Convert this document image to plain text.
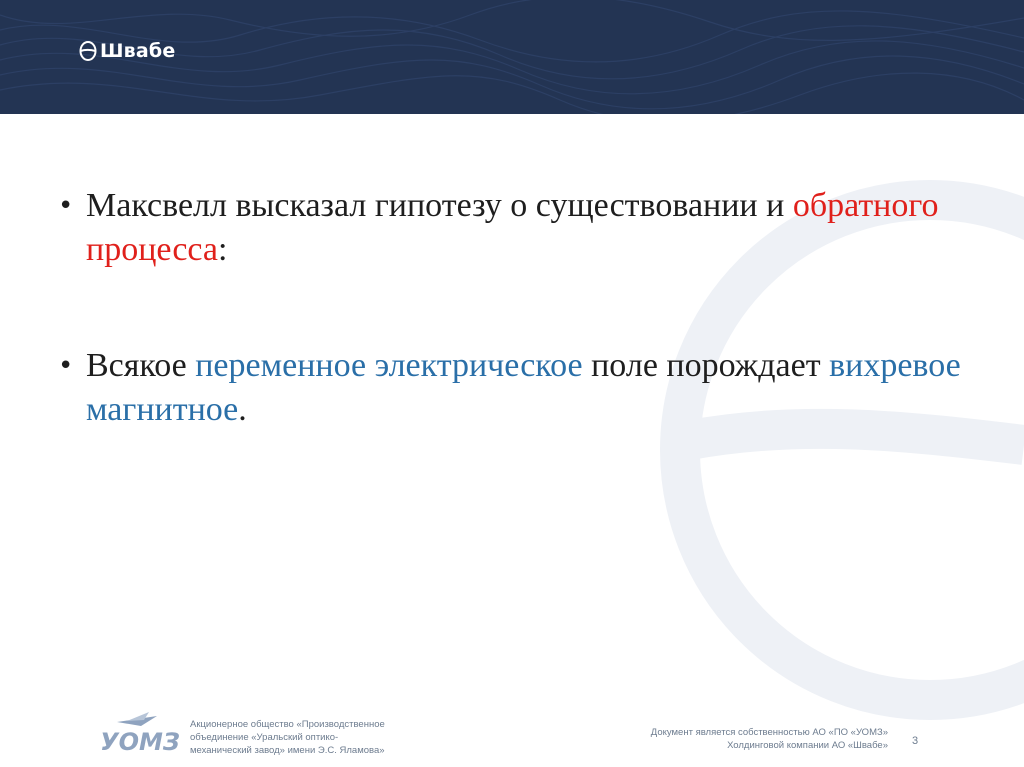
Швабе
• Максвелл высказал гипотезу о существовании и обратного процесса:
• Всякое переменное электрическое поле порождает вихревое магнитное.
УОМЗ
Акционерное общество «Производственное
объединение «Уральский оптико-
механический завод» имени Э.С. Яламова»
Документ является собственностью АО «ПО «УОМЗ»
Холдинговой компании АО «Швабе» 3
